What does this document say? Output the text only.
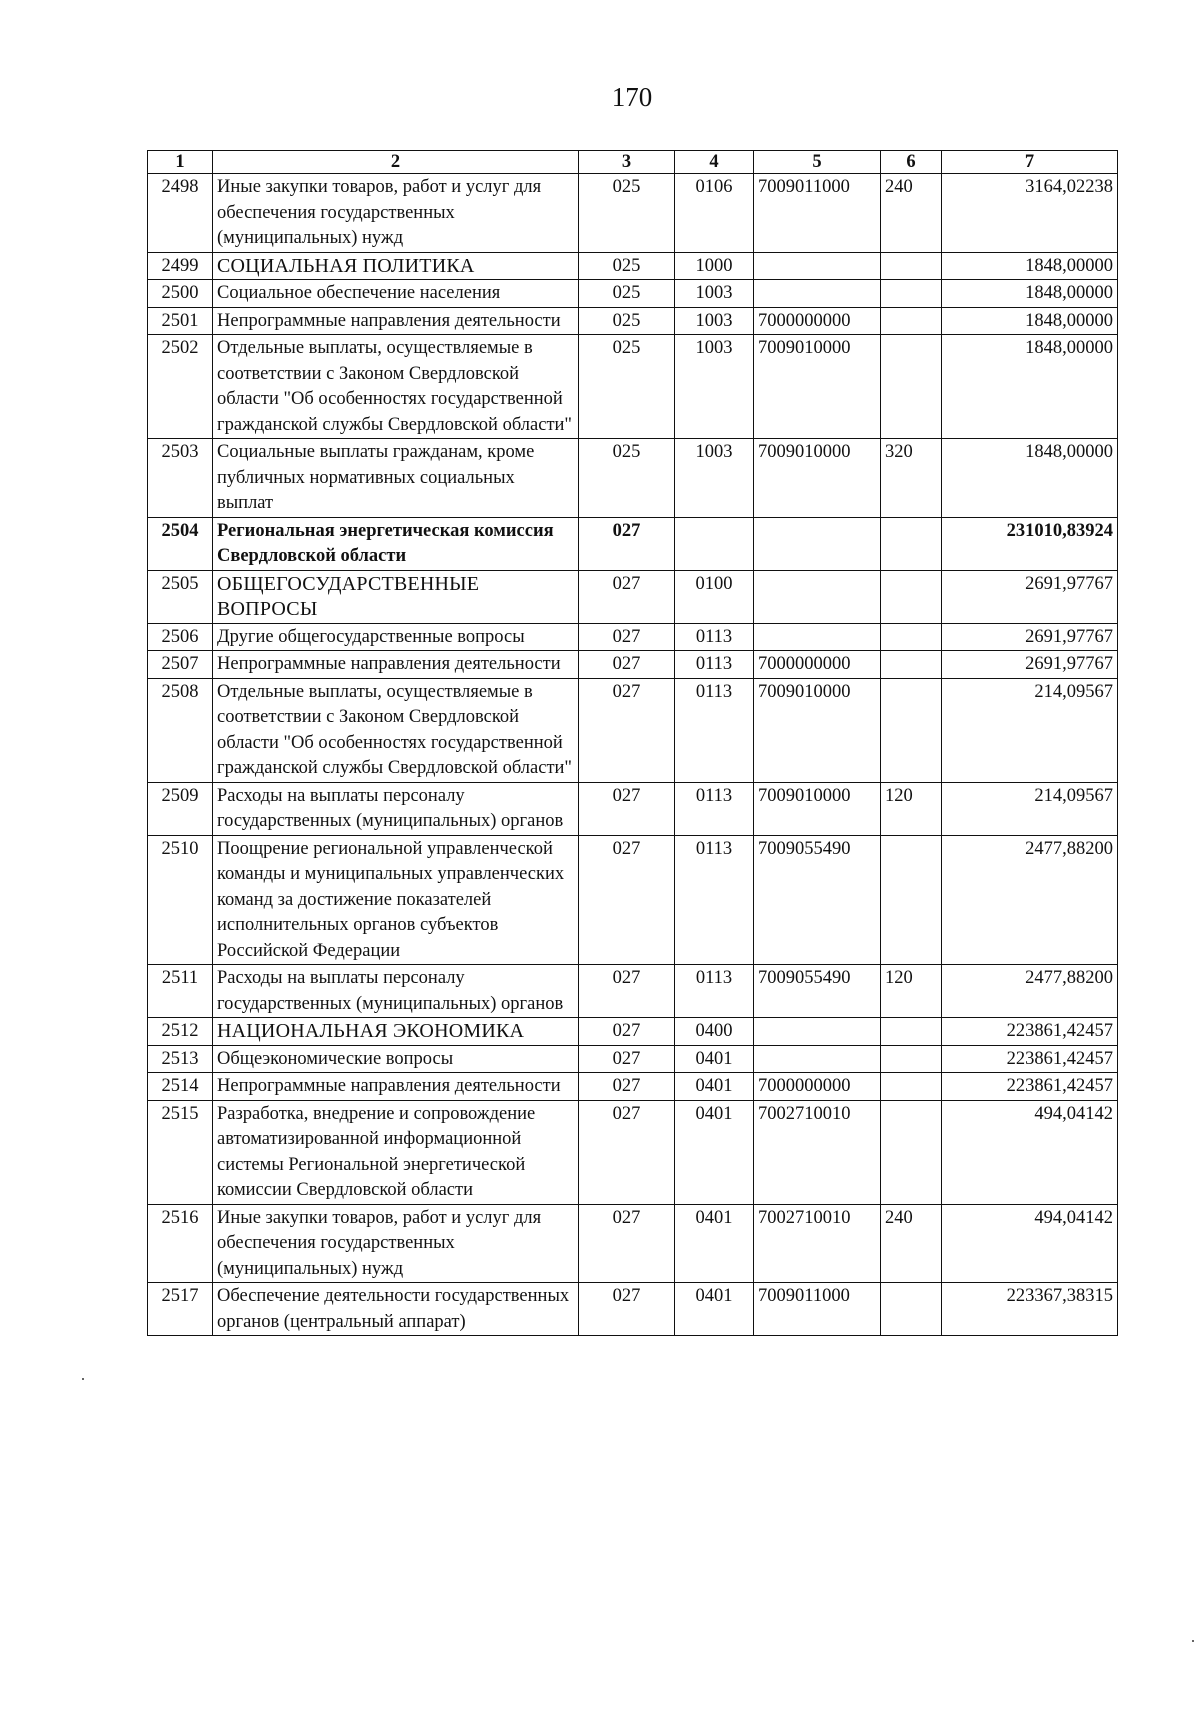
170
1	2	3	4	5	6	7
2498	Иные закупки товаров, работ и услуг для обеспечения государственных (муниципальных) нужд	025	0106	7009011000	240	3164,02238
2499	СОЦИАЛЬНАЯ ПОЛИТИКА	025	1000			1848,00000
2500	Социальное обеспечение населения	025	1003			1848,00000
2501	Непрограммные направления деятельности	025	1003	7000000000		1848,00000
2502	Отдельные выплаты, осуществляемые в соответствии с Законом Свердловской области "Об особенностях государственной гражданской службы Свердловской области"	025	1003	7009010000		1848,00000
2503	Социальные выплаты гражданам, кроме публичных нормативных социальных выплат	025	1003	7009010000	320	1848,00000
2504	Региональная энергетическая комиссия Свердловской области	027				231010,83924
2505	ОБЩЕГОСУДАРСТВЕННЫЕ ВОПРОСЫ	027	0100			2691,97767
2506	Другие общегосударственные вопросы	027	0113			2691,97767
2507	Непрограммные направления деятельности	027	0113	7000000000		2691,97767
2508	Отдельные выплаты, осуществляемые в соответствии с Законом Свердловской области "Об особенностях государственной гражданской службы Свердловской области"	027	0113	7009010000		214,09567
2509	Расходы на выплаты персоналу государственных (муниципальных) органов	027	0113	7009010000	120	214,09567
2510	Поощрение региональной управленческой команды и муниципальных управленческих команд за достижение показателей исполнительных органов субъектов Российской Федерации	027	0113	7009055490		2477,88200
2511	Расходы на выплаты персоналу государственных (муниципальных) органов	027	0113	7009055490	120	2477,88200
2512	НАЦИОНАЛЬНАЯ ЭКОНОМИКА	027	0400			223861,42457
2513	Общеэкономические вопросы	027	0401			223861,42457
2514	Непрограммные направления деятельности	027	0401	7000000000		223861,42457
2515	Разработка, внедрение и сопровождение автоматизированной информационной системы Региональной энергетической комиссии Свердловской области	027	0401	7002710010		494,04142
2516	Иные закупки товаров, работ и услуг для обеспечения государственных (муниципальных) нужд	027	0401	7002710010	240	494,04142
2517	Обеспечение деятельности государственных органов (центральный аппарат)	027	0401	7009011000		223367,38315
